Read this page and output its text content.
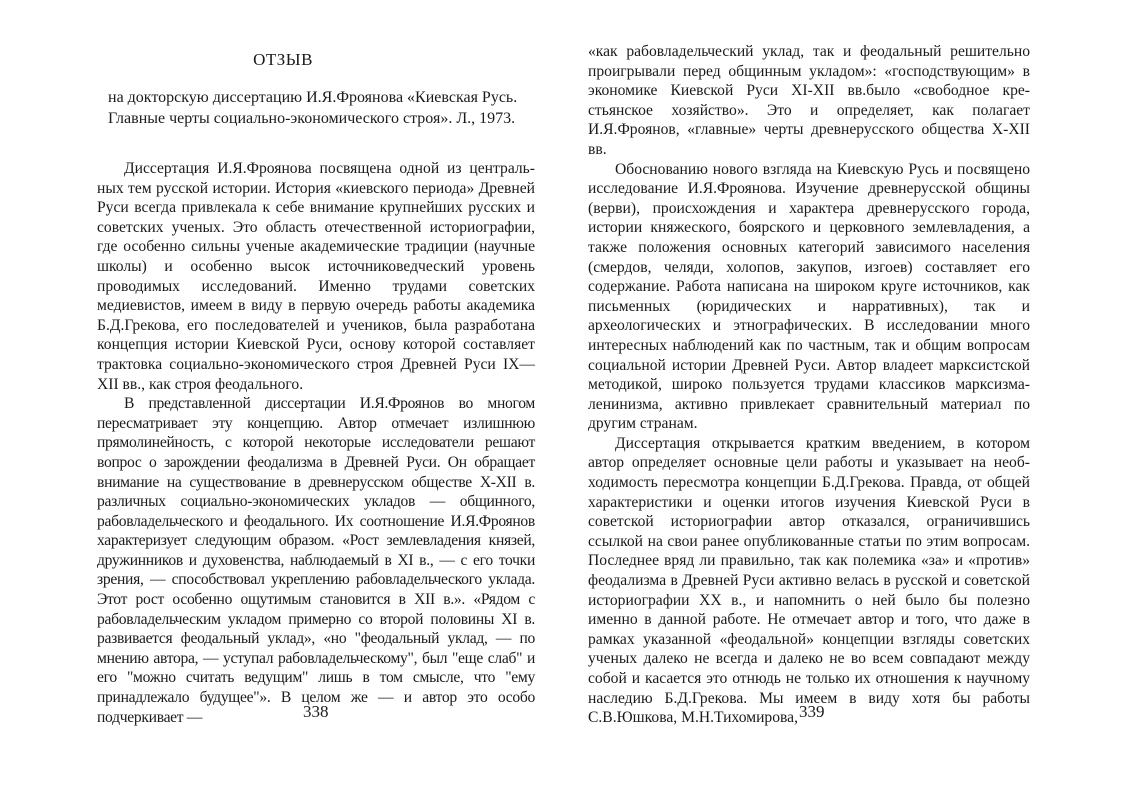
ОТЗЫВ
на докторскую диссертацию И.Я.Фроянова «Киевская Русь. Главные черты социально-экономического строя». Л., 1973.

Диссертация И.Я.Фроянова посвящена одной из центральных тем русской истории. История «киевского периода» Древней Руси всегда привлекала к себе внимание крупнейших русских и советских ученых. Это область отечественной историографии, где особенно сильны ученые академические традиции (научные школы) и особенно высок источниковедческий уровень проводимых исследований. Именно трудами советских медиевистов, имеем в виду в первую очередь работы академика Б.Д.Грекова, его последователей и учеников, была разработана концепция истории Киевской Руси, основу которой составляет трактовка социально-экономического строя Древней Руси IX—XII вв., как строя феодального.

В представленной диссертации И.Я.Фроянов во многом пересматривает эту концепцию. Автор отмечает излишнюю прямолинейность, с которой некоторые исследователи решают вопрос о зарождении феодализма в Древней Руси. Он обращает внимание на существование в древнерусском обществе X-XII в. различных социально-экономических укладов — общинного, рабовладельческого и феодального. Их соотношение И.Я.Фроянов характеризует следующим образом. «Рост землевладения князей, дружинников и духовенства, наблюдаемый в XI в., — с его точки зрения, — способствовал укреплению рабовладельческого уклада. Этот рост особенно ощутимым становится в XII в.». «Рядом с рабовладельческим укладом примерно со второй половины XI в. развивается феодальный уклад», «но "феодальный уклад, — по мнению автора, — уступал рабовладельческому", был "еще слаб" и его "можно считать ведущим" лишь в том смысле, что "ему принадлежало будущее"». В целом же — и автор это особо подчеркивает —	338

«как рабовладельческий уклад, так и феодальный решительно проигрывали перед общинным укладом»: «господствующим» в экономике Киевской Руси XI-XII вв.было «свободное крестьянское хозяйство». Это и определяет, как полагает И.Я.Фроянов, «главные» черты древнерусского общества X-XII вв.

Обоснованию нового взгляда на Киевскую Русь и посвящено исследование И.Я.Фроянова. Изучение древнерусской общины (верви), происхождения и характера древнерусского города, истории княжеского, боярского и церковного землевладения, а также положения основных категорий зависимого населения (смердов, челяди, холопов, закупов, изгоев) составляет его содержание. Работа написана на широком круге источников, как письменных (юридических и нарративных), так и археологических и этнографических. В исследовании много интересных наблюдений как по частным, так и общим вопросам социальной истории Древней Руси. Автор владеет марксистской методикой, широко пользуется трудами классиков марксизма-ленинизма, активно привлекает сравнительный материал по другим странам.

Диссертация открывается кратким введением, в котором автор определяет основные цели работы и указывает на необходимость пересмотра концепции Б.Д.Грекова. Правда, от общей характеристики и оценки итогов изучения Киевской Руси в советской историографии автор отказался, ограничившись ссылкой на свои ранее опубликованные статьи по этим вопросам. Последнее вряд ли правильно, так как полемика «за» и «против» феодализма в Древней Руси активно велась в русской и советской историографии XX в., и напомнить о ней было бы полезно именно в данной работе. Не отмечает автор и того, что даже в рамках указанной «феодальной» концепции взгляды советских ученых далеко не всегда и далеко не во всем совпадают между собой и касается это отнюдь не только их отношения к научному наследию Б.Д.Грекова. Мы имеем в виду хотя бы работы С.В.Юшкова, М.Н.Тихомирова, 339
